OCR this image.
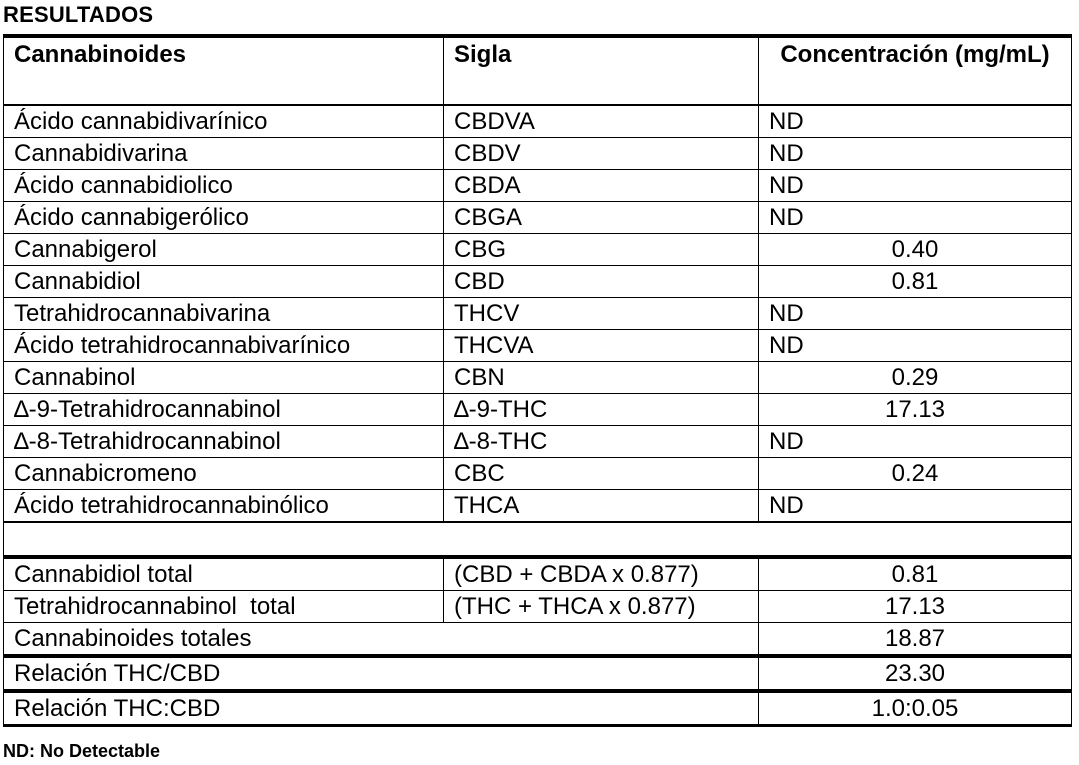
RESULTADOS
Cannabinoides	Sigla	Concentración (mg/mL)
Ácido cannabidivarínico	CBDVA	ND
Cannabidivarina	CBDV	ND
Ácido cannabidiolico	CBDA	ND
Ácido cannabigerólico	CBGA	ND
Cannabigerol	CBG	0.40
Cannabidiol	CBD	0.81
Tetrahidrocannabivarina	THCV	ND
Ácido tetrahidrocannabivarínico	THCVA	ND
Cannabinol	CBN	0.29
∆-9-Tetrahidrocannabinol	∆-9-THC	17.13
∆-8-Tetrahidrocannabinol	∆-8-THC	ND
Cannabicromeno	CBC	0.24
Ácido tetrahidrocannabinólico	THCA	ND

Cannabidiol total	(CBD + CBDA x 0.877)	0.81
Tetrahidrocannabinol  total	(THC + THCA x 0.877)	17.13
Cannabinoides totales		18.87
Relación THC/CBD		23.30
Relación THC:CBD		1.0:0.05
ND: No Detectable
